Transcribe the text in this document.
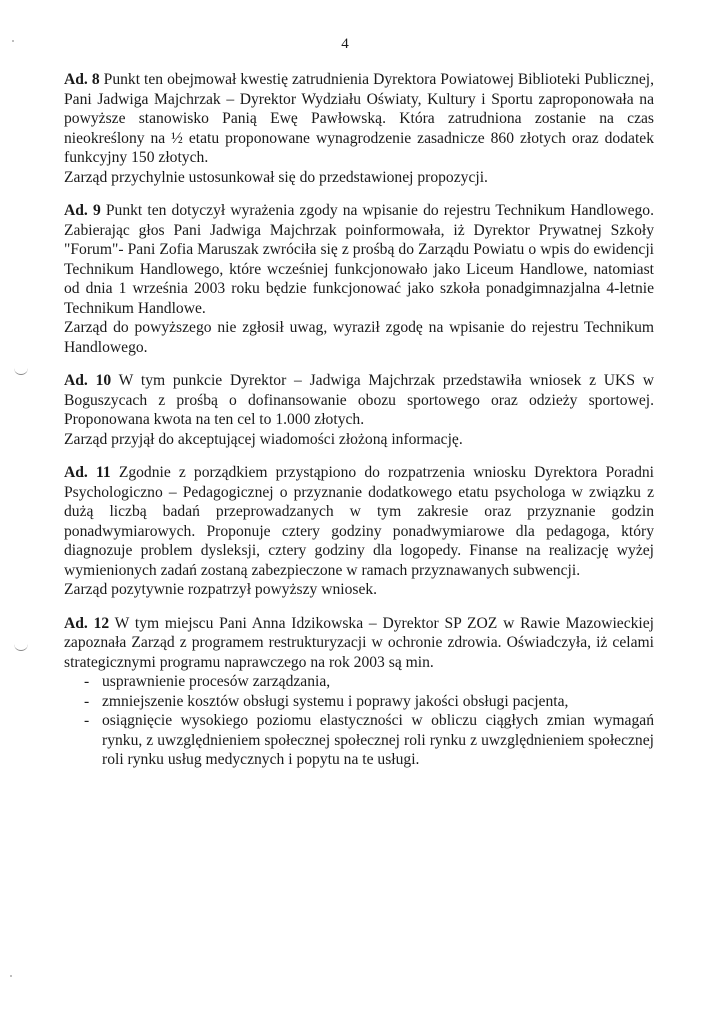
4

Ad. 8 Punkt ten obejmował kwestię zatrudnienia Dyrektora Powiatowej Biblioteki Publicznej, Pani Jadwiga Majchrzak – Dyrektor Wydziału Oświaty, Kultury i Sportu zaproponowała na powyższe stanowisko Panią Ewę Pawłowską. Która zatrudniona zostanie na czas nieokreślony na ½ etatu proponowane wynagrodzenie zasadnicze 860 złotych oraz dodatek funkcyjny 150 złotych.

Zarząd przychylnie ustosunkował się do przedstawionej propozycji.

Ad. 9 Punkt ten dotyczył wyrażenia zgody na wpisanie do rejestru Technikum Handlowego. Zabierając głos Pani Jadwiga Majchrzak poinformowała, iż Dyrektor Prywatnej Szkoły "Forum"- Pani Zofia Maruszak zwróciła się z prośbą do Zarządu Powiatu o wpis do ewidencji Technikum Handlowego, które wcześniej funkcjonowało jako Liceum Handlowe, natomiast od dnia 1 września 2003 roku będzie funkcjonować jako szkoła ponadgimnazjalna 4-letnie Technikum Handlowe.

Zarząd do powyższego nie zgłosił uwag, wyraził zgodę na wpisanie do rejestru Technikum Handlowego.

Ad. 10 W tym punkcie Dyrektor – Jadwiga Majchrzak przedstawiła wniosek z UKS w Boguszycach z prośbą o dofinansowanie obozu sportowego oraz odzieży sportowej. Proponowana kwota na ten cel to 1.000 złotych.

Zarząd przyjął do akceptującej wiadomości złożoną informację.

Ad. 11 Zgodnie z porządkiem przystąpiono do rozpatrzenia wniosku Dyrektora Poradni Psychologiczno – Pedagogicznej o przyznanie dodatkowego etatu psychologa w związku z dużą liczbą badań przeprowadzanych w tym zakresie oraz przyznanie godzin ponadwymiarowych. Proponuje cztery godziny ponadwymiarowe dla pedagoga, który diagnozuje problem dysleksji, cztery godziny dla logopedy. Finanse na realizację wyżej wymienionych zadań zostaną zabezpieczone w ramach przyznawanych subwencji.

Zarząd pozytywnie rozpatrzył powyższy wniosek.

Ad. 12 W tym miejscu Pani Anna Idzikowska – Dyrektor SP ZOZ w Rawie Mazowieckiej zapoznała Zarząd z programem restrukturyzacji w ochronie zdrowia. Oświadczyła, iż celami strategicznymi programu naprawczego na rok 2003 są min.

- usprawnienie procesów zarządzania,
- zmniejszenie kosztów obsługi systemu i poprawy jakości obsługi pacjenta,
- osiągnięcie wysokiego poziomu elastyczności w obliczu ciągłych zmian wymagań rynku, z uwzględnieniem społecznej społecznej roli rynku z uwzględnieniem społecznej roli rynku usług medycznych i popytu na te usługi.
